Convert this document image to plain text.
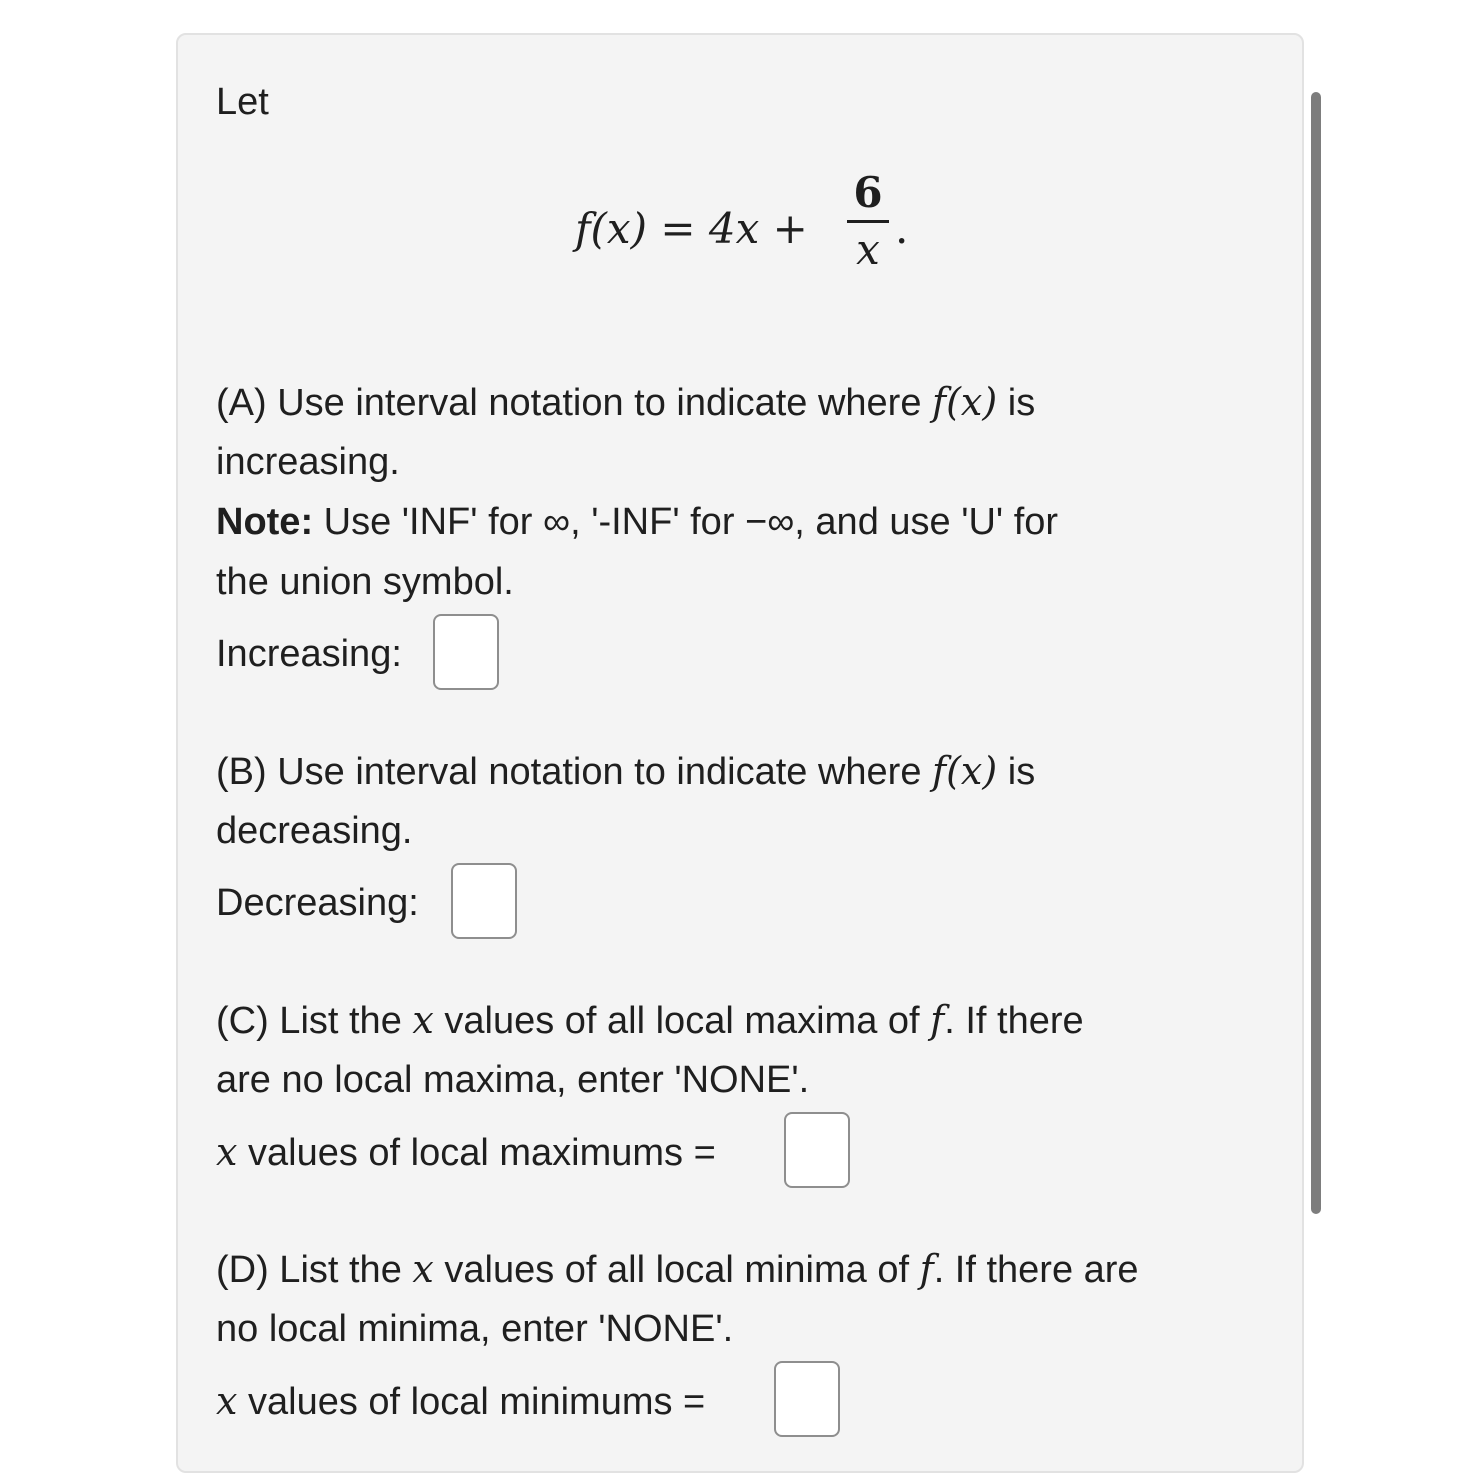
Let
f(x) = 4x +
6
x .
(A) Use interval notation to indicate where f(x) is
increasing.
Note: Use 'INF' for ∞, '-INF' for −∞, and use 'U' for
the union symbol.
Increasing:
(B) Use interval notation to indicate where f(x) is
decreasing.
Decreasing:
(C) List the x values of all local maxima of f. If there
are no local maxima, enter 'NONE'.
x values of local maximums =
(D) List the x values of all local minima of f. If there are
no local minima, enter 'NONE'.
x values of local minimums =
